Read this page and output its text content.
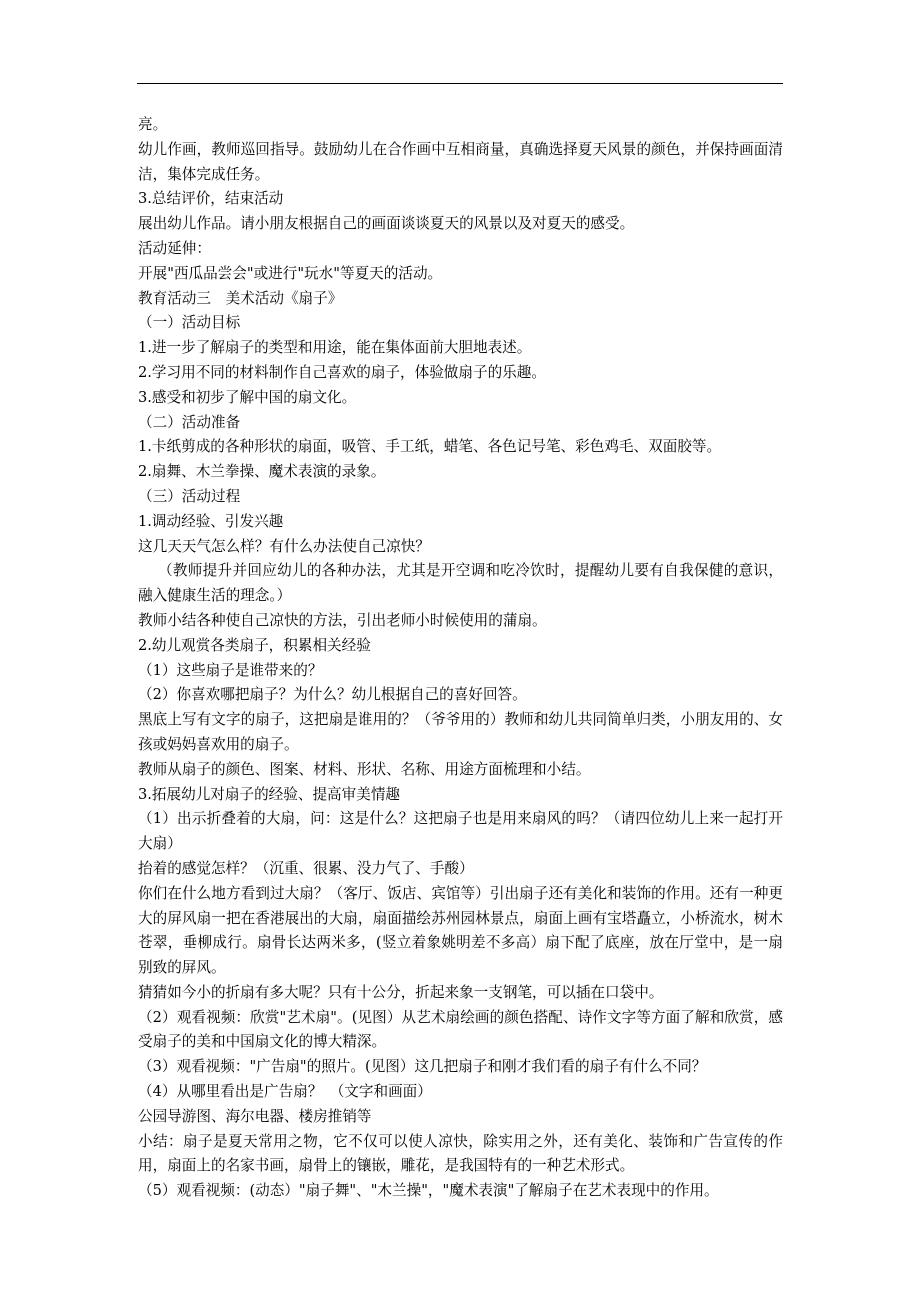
亮。

幼儿作画，教师巡回指导。鼓励幼儿在合作画中互相商量，真确选择夏天风景的颜色，并保持画面清洁，集体完成任务。

3.总结评价，结束活动

展出幼儿作品。请小朋友根据自己的画面谈谈夏天的风景以及对夏天的感受。

活动延伸：

开展"西瓜品尝会"或进行"玩水"等夏天的活动。

教育活动三　美术活动《扇子》

（一）活动目标

1.进一步了解扇子的类型和用途，能在集体面前大胆地表述。

2.学习用不同的材料制作自己喜欢的扇子，体验做扇子的乐趣。

3.感受和初步了解中国的扇文化。

（二）活动准备

1.卡纸剪成的各种形状的扇面，吸管、手工纸，蜡笔、各色记号笔、彩色鸡毛、双面胶等。

2.扇舞、木兰拳操、魔术表演的录象。

（三）活动过程

1.调动经验、引发兴趣

这几天天气怎么样？有什么办法使自己凉快？

（教师提升并回应幼儿的各种办法，尤其是开空调和吃冷饮时，提醒幼儿要有自我保健的意识，融入健康生活的理念。）

教师小结各种使自己凉快的方法，引出老师小时候使用的蒲扇。

2.幼儿观赏各类扇子，积累相关经验

（1）这些扇子是谁带来的？

（2）你喜欢哪把扇子？为什么？幼儿根据自己的喜好回答。

黑底上写有文字的扇子，这把扇是谁用的？（爷爷用的）教师和幼儿共同简单归类，小朋友用的、女孩或妈妈喜欢用的扇子。

教师从扇子的颜色、图案、材料、形状、名称、用途方面梳理和小结。

3.拓展幼儿对扇子的经验、提高审美情趣

（1）出示折叠着的大扇，问：这是什么？这把扇子也是用来扇风的吗？（请四位幼儿上来一起打开大扇）

抬着的感觉怎样？（沉重、很累、没力气了、手酸）

你们在什么地方看到过大扇？（客厅、饭店、宾馆等）引出扇子还有美化和装饰的作用。还有一种更大的屏风扇一把在香港展出的大扇，扇面描绘苏州园林景点，扇面上画有宝塔矗立，小桥流水，树木苍翠，垂柳成行。扇骨长达两米多，(竖立着象姚明差不多高）扇下配了底座，放在厅堂中，是一扇别致的屏风。

猜猜如今小的折扇有多大呢？只有十公分，折起来象一支钢笔，可以插在口袋中。

（2）观看视频：欣赏"艺术扇"。(见图）从艺术扇绘画的颜色搭配、诗作文字等方面了解和欣赏，感受扇子的美和中国扇文化的博大精深。

（3）观看视频："广告扇"的照片。(见图）这几把扇子和刚才我们看的扇子有什么不同？

（4）从哪里看出是广告扇？　（文字和画面）

公园导游图、海尔电器、楼房推销等

小结：扇子是夏天常用之物，它不仅可以使人凉快，除实用之外，还有美化、装饰和广告宣传的作用，扇面上的名家书画，扇骨上的镶嵌，雕花，是我国特有的一种艺术形式。

（5）观看视频：(动态）"扇子舞"、"木兰操"，"魔术表演"了解扇子在艺术表现中的作用。
